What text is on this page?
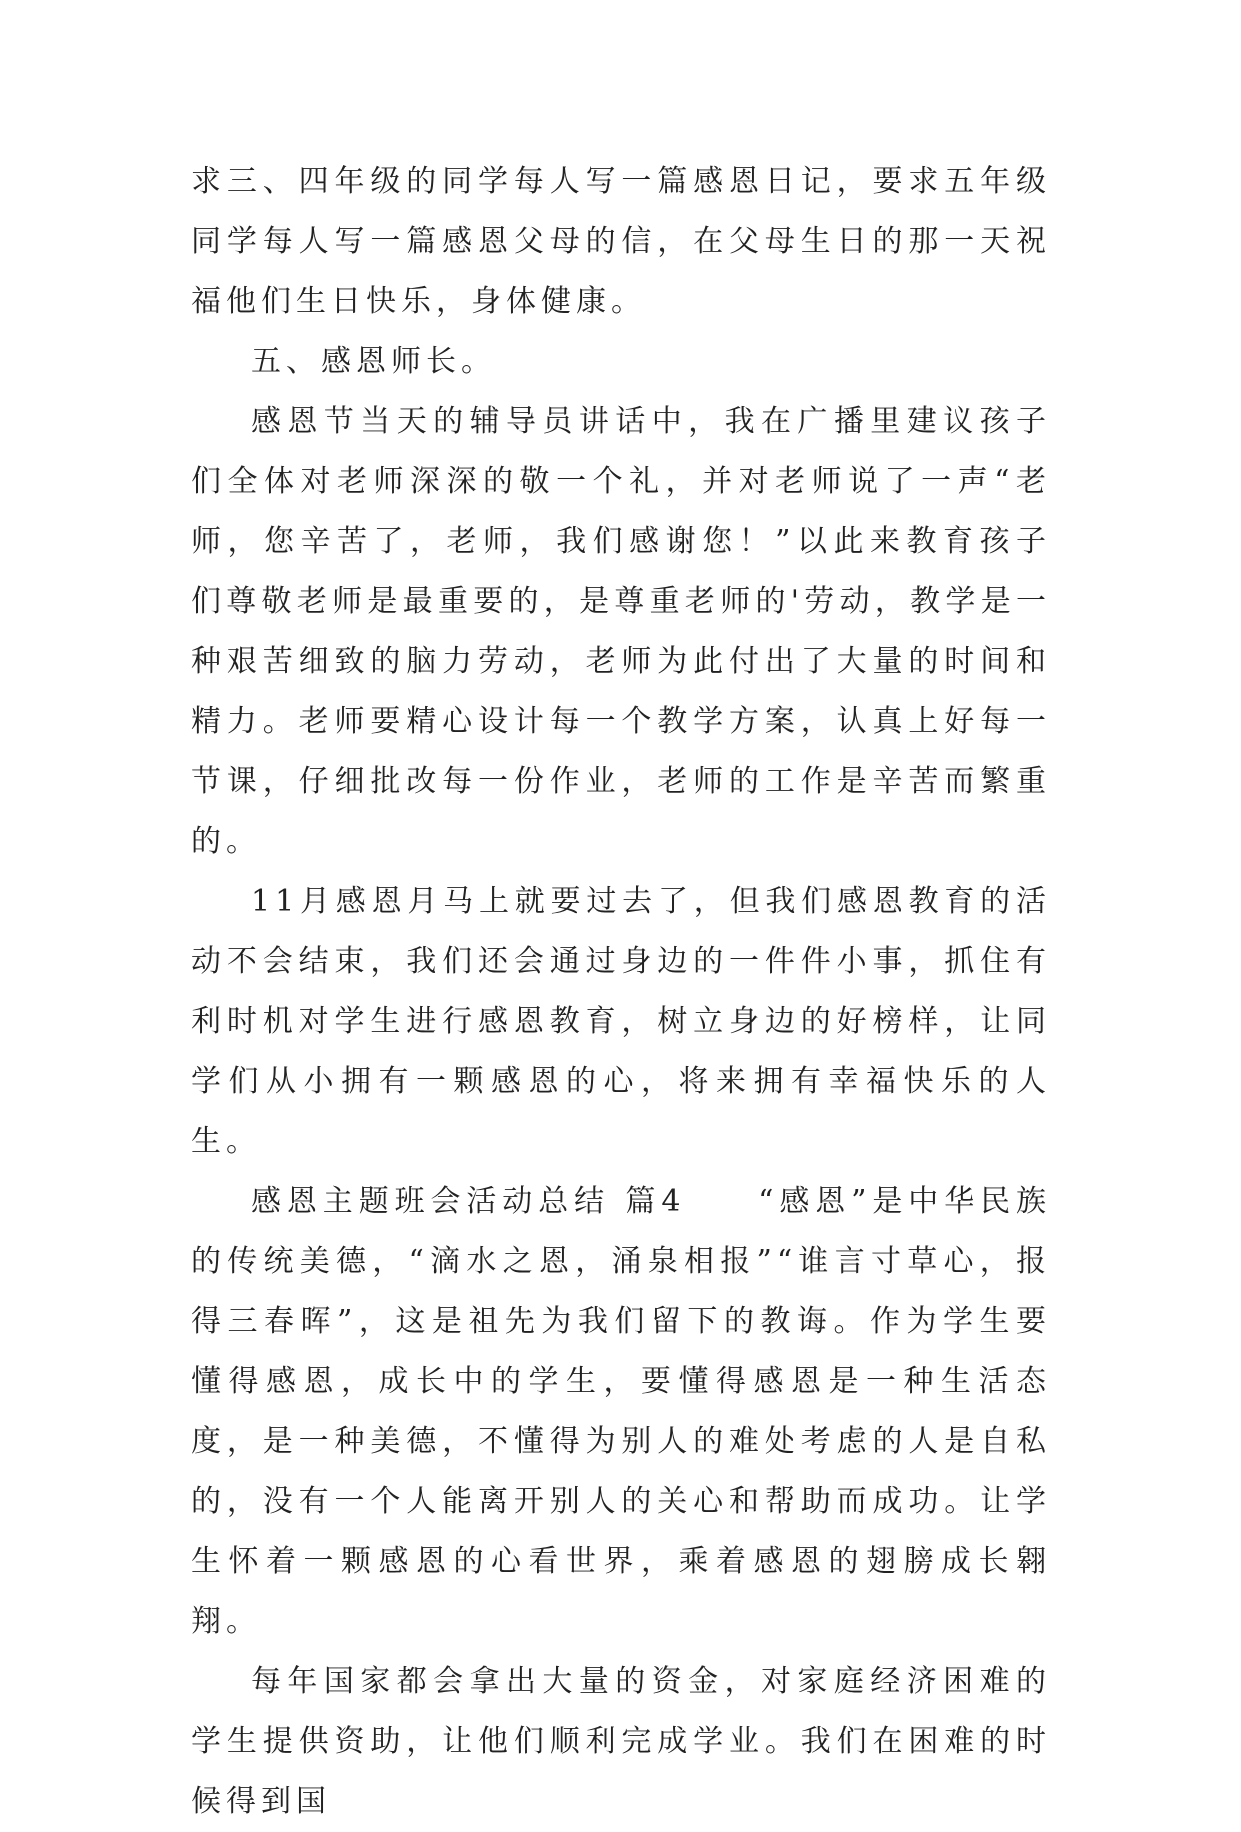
求三、四年级的同学每人写一篇感恩日记，要求五年级同学每人写一篇感恩父母的信，在父母生日的那一天祝福他们生日快乐，身体健康。

五、感恩师长。

感恩节当天的辅导员讲话中，我在广播里建议孩子们全体对老师深深的敬一个礼，并对老师说了一声“老师，您辛苦了，老师，我们感谢您！”以此来教育孩子们尊敬老师是最重要的，是尊重老师的'劳动，教学是一种艰苦细致的脑力劳动，老师为此付出了大量的时间和精力。老师要精心设计每一个教学方案，认真上好每一节课，仔细批改每一份作业，老师的工作是辛苦而繁重的。

11月感恩月马上就要过去了，但我们感恩教育的活动不会结束，我们还会通过身边的一件件小事，抓住有利时机对学生进行感恩教育，树立身边的好榜样，让同学们从小拥有一颗感恩的心，将来拥有幸福快乐的人生。

感恩主题班会活动总结 篇4　　“感恩”是中华民族的传统美德，“滴水之恩，涌泉相报”“谁言寸草心，报得三春晖”，这是祖先为我们留下的教诲。作为学生要懂得感恩，成长中的学生，要懂得感恩是一种生活态度，是一种美德，不懂得为别人的难处考虑的人是自私的，没有一个人能离开别人的关心和帮助而成功。让学生怀着一颗感恩的心看世界，乘着感恩的翅膀成长翱翔。

每年国家都会拿出大量的资金，对家庭经济困难的学生提供资助，让他们顺利完成学业。我们在困难的时候得到国
